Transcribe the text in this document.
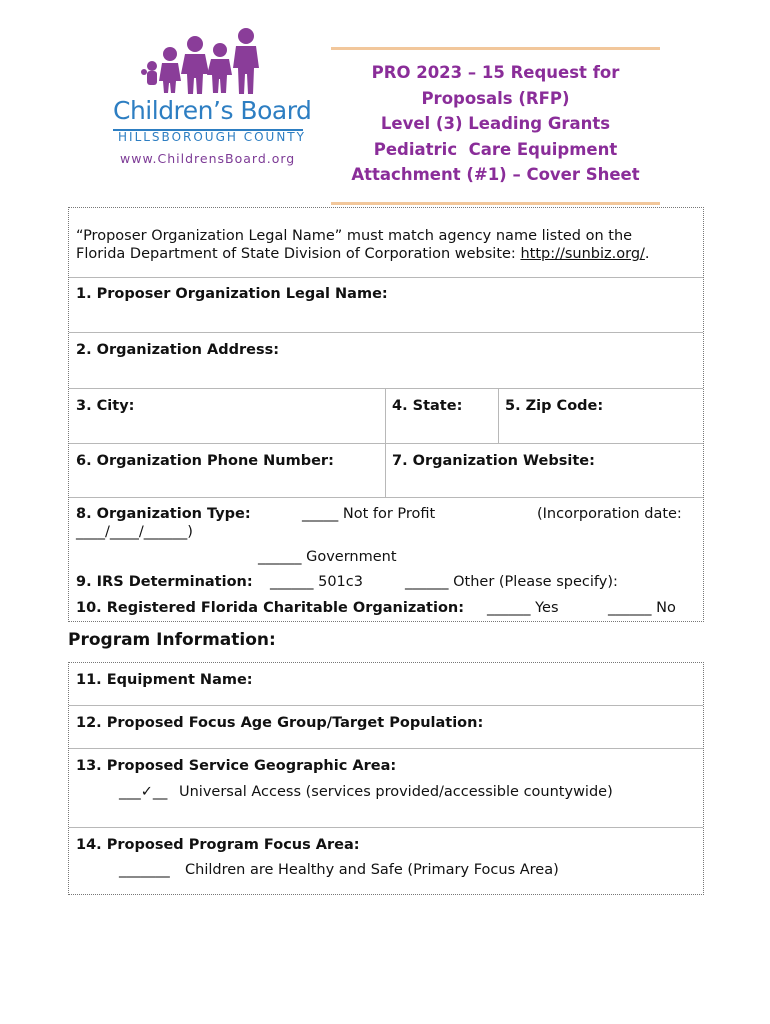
Children’s Board
HILLSBOROUGH COUNTY
www.ChildrensBoard.org
PRO 2023 – 15 Request for
Proposals (RFP)
Level (3) Leading Grants
Pediatric  Care Equipment
Attachment (#1) – Cover Sheet
“Proposer Organization Legal Name” must match agency name listed on the
Florida Department of State Division of Corporation website: http://sunbiz.org/.
1. Proposer Organization Legal Name:
2. Organization Address:
3. City:	4. State:	5. Zip Code:
6. Organization Phone Number:	7. Organization Website:
8. Organization Type:	_____ Not for Profit	(Incorporation date:
____/____/______)
______ Government
9. IRS Determination: ______ 501c3	______ Other (Please specify):
10. Registered Florida Charitable Organization: ______ Yes	______ No
Program Information:
11. Equipment Name:
12. Proposed Focus Age Group/Target Population:
13. Proposed Service Geographic Area:
___✓__ Universal Access (services provided/accessible countywide)
14. Proposed Program Focus Area:
_______ Children are Healthy and Safe (Primary Focus Area)
